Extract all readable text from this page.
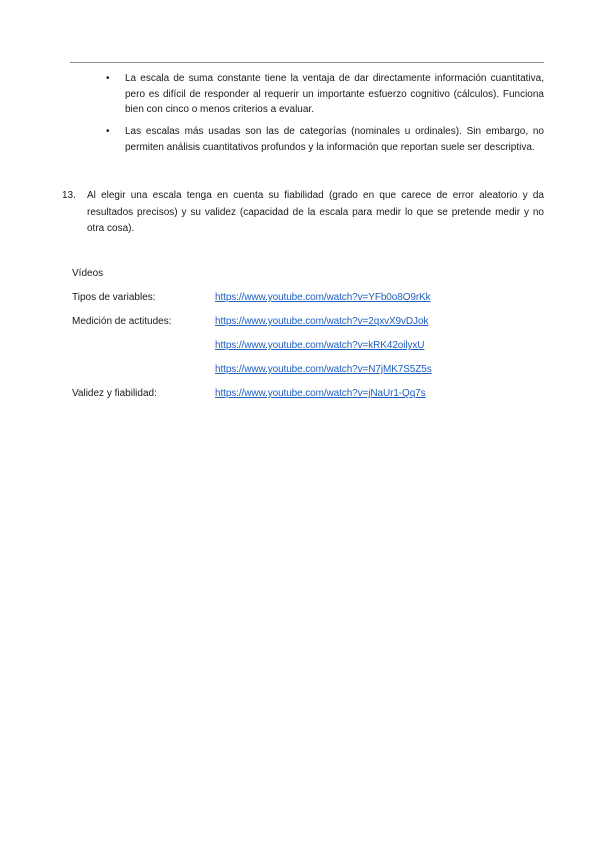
• La escala de suma constante tiene la ventaja de dar directamente información cuantitativa, pero es difícil de responder al requerir un importante esfuerzo cognitivo (cálculos). Funciona bien con cinco o menos criterios a evaluar.
• Las escalas más usadas son las de categorías (nominales u ordinales). Sin embargo, no permiten análisis cuantitativos profundos y la información que reportan suele ser descriptiva.
13.	Al elegir una escala tenga en cuenta su fiabilidad (grado en que carece de error aleatorio y da resultados precisos) y su validez (capacidad de la escala para medir lo que se pretende medir y no otra cosa).
Vídeos
Tipos de variables:	https://www.youtube.com/watch?v=YFb0o8O9rKk
Medición de actitudes:	https://www.youtube.com/watch?v=2qxvX9vDJok
https://www.youtube.com/watch?v=kRK42oilyxU
https://www.youtube.com/watch?v=N7jMK7S5Z5s
Validez y fiabilidad:	https://www.youtube.com/watch?v=jNaUr1-Qq7s
